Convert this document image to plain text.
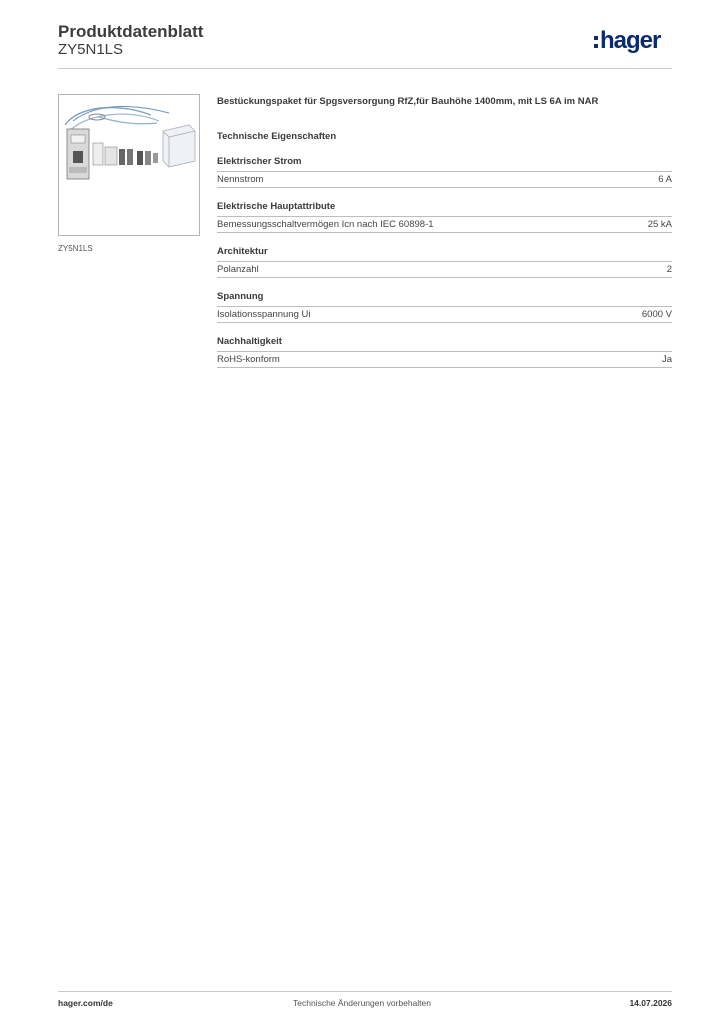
Produktdatenblatt
ZY5N1LS	hager
ZY5N1LS
Bestückungspaket für Spgsversorgung RfZ,für Bauhöhe 1400mm, mit LS 6A im NAR
Technische Eigenschaften
Elektrischer Strom
Nennstrom	6 A
Elektrische Hauptattribute
Bemessungsschaltvermögen Icn nach IEC 60898-1	25 kA
Architektur
Polanzahl	2
Spannung
Isolationsspannung Ui	6000 V
Nachhaltigkeit
RoHS-konform	Ja
hager.com/de	Technische Änderungen vorbehalten	14.07.2026
